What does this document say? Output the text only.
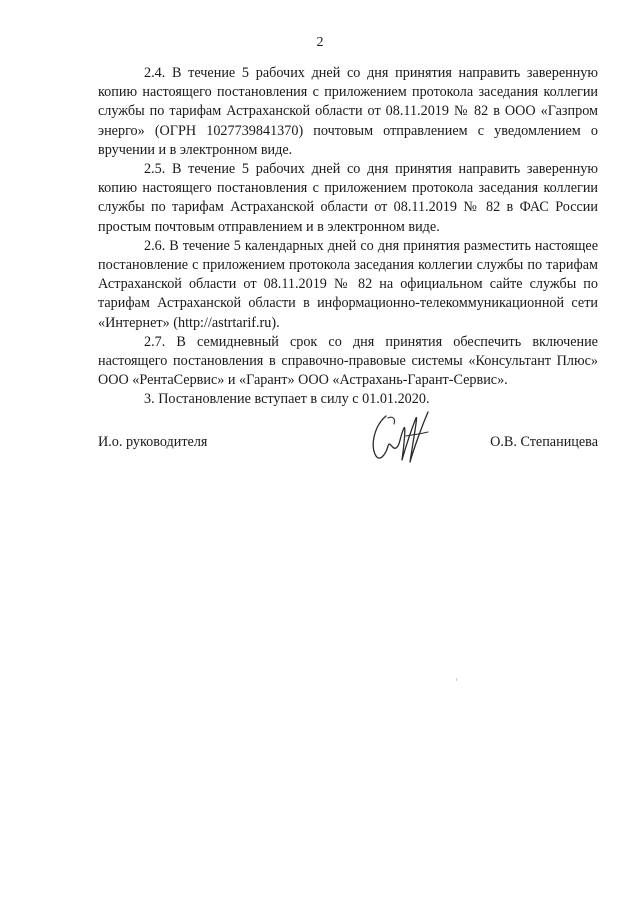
2

2.4. В течение 5 рабочих дней со дня принятия направить заверенную копию настоящего постановления с приложением протокола заседания коллегии службы по тарифам Астраханской области от 08.11.2019 № 82 в ООО «Газпром энерго» (ОГРН 1027739841370) почтовым отправлением с уведомлением о вручении и в электронном виде.

2.5. В течение 5 рабочих дней со дня принятия направить заверенную копию настоящего постановления с приложением протокола заседания коллегии службы по тарифам Астраханской области от 08.11.2019 № 82 в ФАС России простым почтовым отправлением и в электронном виде.

2.6. В течение 5 календарных дней со дня принятия разместить настоящее постановление с приложением протокола заседания коллегии службы по тарифам Астраханской области от 08.11.2019 № 82 на официальном сайте службы по тарифам Астраханской области в информационно-телекоммуникационной сети «Интернет» (http://astrtarif.ru).

2.7. В семидневный срок со дня принятия обеспечить включение настоящего постановления в справочно-правовые системы «Консультант Плюс» ООО «РентаСервис» и «Гарант» ООО «Астрахань-Гарант-Сервис».

3. Постановление вступает в силу с 01.01.2020.

И.о. руководителя	О.В. Степаницева
